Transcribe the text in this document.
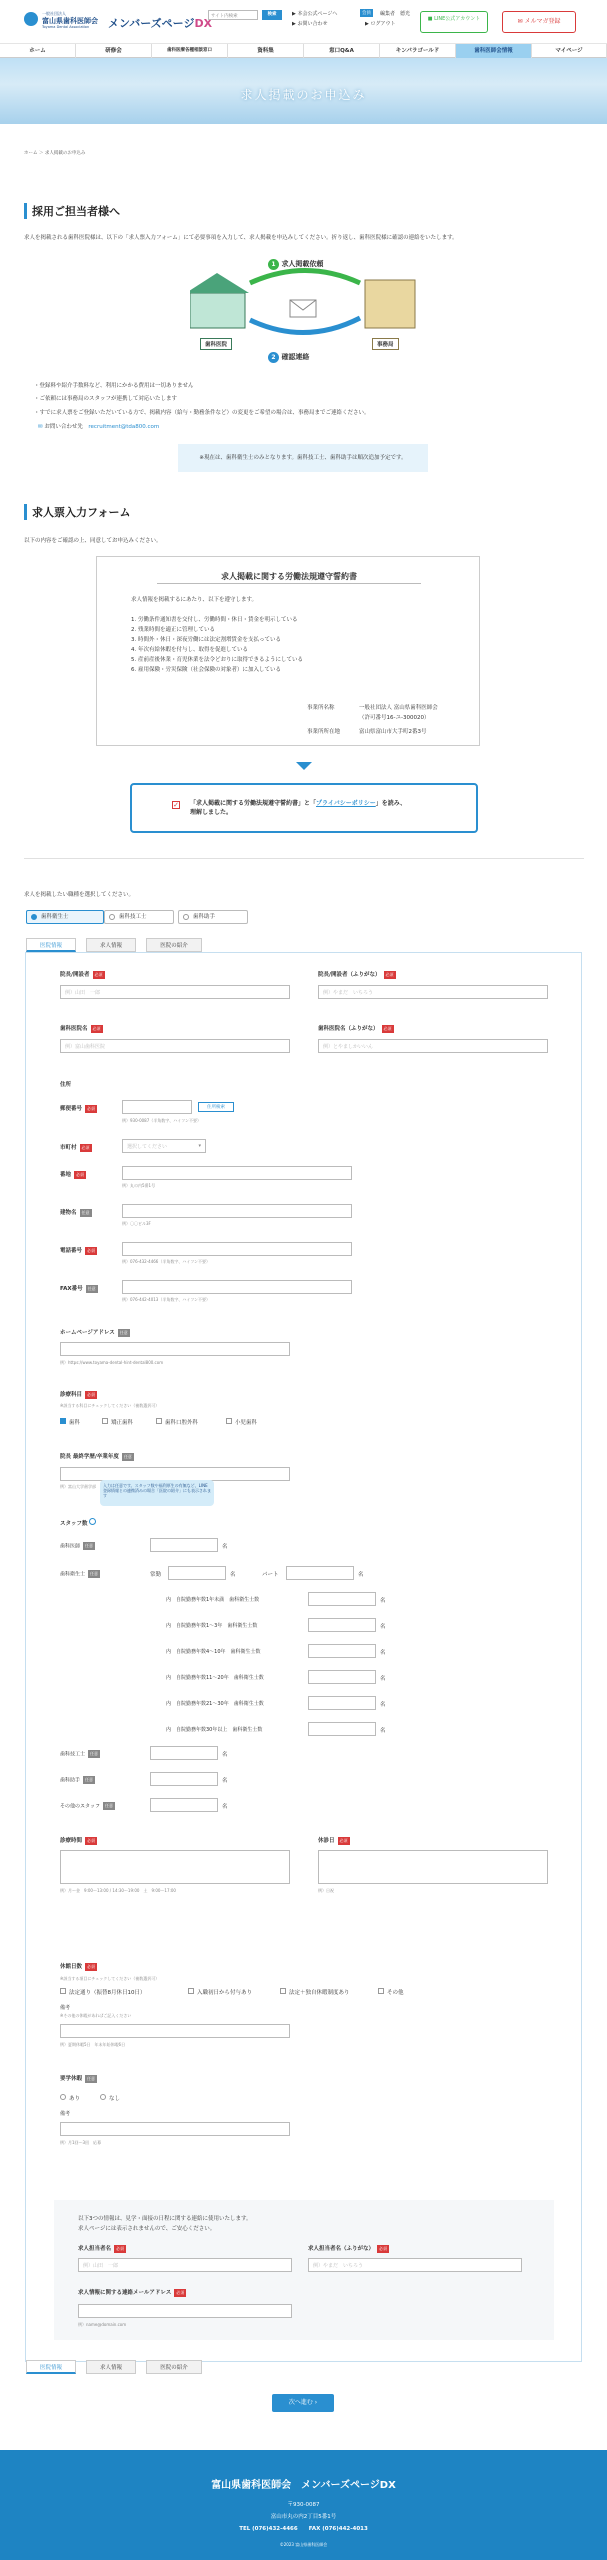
一般社団法人
富山県歯科医師会
Toyama Dental Association メンバーズページDX
サイト内検索	検索	▶ 本会公式ページへ
▶ お問い合わせ
会員	編集者　德光
▶ ログアウト
■ LINE公式アカウント	✉ メルマガ登録
ホーム	研修会	歯科医療各種相談窓口	資料集	窓口Q&A	キンパラゴールド	歯科医師会情報	マイページ
求人掲載のお申込み
ホーム ＞ 求人掲載のお申込み
採用ご担当者様へ
求人を掲載される歯科医院様は、以下の「求人票入力フォーム」にて必要事項を入力して、求人掲載を申込みしてください。折り返し、歯科医院様に確認の連絡をいたします。
1 求人掲載依頼
2 確認連絡
歯科医院	事務局
・登録料や紹介手数料など、利用にかかる費用は一切ありません
・ご依頼には事務局のスタッフが連携して対応いたします
・すでに求人票をご登録いただいている方で、掲載内容（給与・勤務条件など）の変更をご希望の場合は、事務局までご連絡ください。
✉ お問い合わせ先　 recruitment@tda800.com
※現在は、歯科衛生士のみとなります。歯科技工士、歯科助手は順次追加予定です。
求人票入力フォーム
以下の内容をご確認の上、同意してお申込みください。
求人掲載に関する労働法規遵守誓約書
求人情報を掲載するにあたり、以下を遵守します。
1. 労働条件通知書を交付し、労働時間・休日・賃金を明示している
2. 残業時間を適正に管理している
3. 時間外・休日・深夜労働には法定割増賃金を支払っている
4. 年次有給休暇を付与し、取得を促進している
5. 産前産後休業・育児休業を法令どおりに取得できるようにしている
6. 雇用保険・労災保険（社会保険の対象者）に加入している
事業所名称	一般社団法人 富山県歯科医師会
（許可番号16-ユ-300020）
事業所所在地	富山県富山市大手町2番3号
✓ 「求人掲載に関する労働法規遵守誓約書」と「プライバシーポリシー」を読み、
理解しました。
求人を掲載したい職種を選択してください。
歯科衛生士	歯科技工士	歯科助手
医院情報	求人情報	医院の紹介
院長/開設者 必須
例）山田　一郎
院長/開設者（ふりがな） 必須
例）やまだ　いちろう
歯科医院名 必須
例）富山歯科医院
歯科医院名（ふりがな） 必須
例）とやましかいいん
住所
郵便番号 必須	住所検索
例）930-0087（半角数字、ハイフン不要）
市町村 必須	選択してください	▾
番地 必須
例）丸の内5番1号
建物名 任意
例）〇〇ビル3F
電話番号 必須
例）076-432-4466（半角数字、ハイフン不要）
FAX番号 任意
例）076-442-4013（半角数字、ハイフン不要）
ホームページアドレス 任意
例）https://www.toyama-dental-hint-dental800.com
診療科目 必須
※該当する科目にチェックしてください（複数選択可）
歯科	矯正歯科	歯科口腔外科	小児歯科
院長 最終学歴/卒業年度 任意
例）富山大学歯学部	入力は任意です。スタッフ数や福利厚生の有無など、LINE登録情報との連携済みの場合「医院の紹介」にも表示されます
スタッフ数
歯科医師 任意	名
歯科衛生士 任意	常勤	名	パート	名
内　自院勤務年数1年未満　歯科衛生士数	名
内　自院勤務年数1〜3年　歯科衛生士数	名
内　自院勤務年数4〜10年　歯科衛生士数	名
内　自院勤務年数11〜20年　歯科衛生士数	名
内　自院勤務年数21〜30年　歯科衛生士数	名
内　自院勤務年数30年以上　歯科衛生士数	名
歯科技工士 任意	名
歯科助手 任意	名
その他のスタッフ 任意	名
診療時間 必須
例）月〜金　9:00〜13:00 / 14:30〜19:00　土　9:00〜17:00
休診日 必須
例）日祝
休館日数 必須
※該当する項目にチェックしてください（複数選択可）
法定通り（振替8月休日10日）	入職初日から付与あり	法定＋独自休暇制度あり	その他
備考
※その他の休暇があればご記入ください
例）夏期休暇5日　年末年始休暇6日
要学休暇 任意
あり	なし
備考
例）月1回〜3回　応募
以下3つの情報は、見学・面接の日程に関する連絡に使用いたします。
求人ページには表示されませんので、ご安心ください。
求人担当者名 必須
例）山田　一郎
求人担当者名（ふりがな） 必須
例）やまだ　いちろう
求人情報に関する連絡メールアドレス 必須
例）name@domain.com
医院情報	求人情報	医院の紹介
次へ進む ›
富山県歯科医師会　メンバーズページDX
〒930-0087
富山市丸の内2丁目5番1号
TEL (076)432-4466　　FAX (076)442-4013
©2023 富山県歯科医師会
